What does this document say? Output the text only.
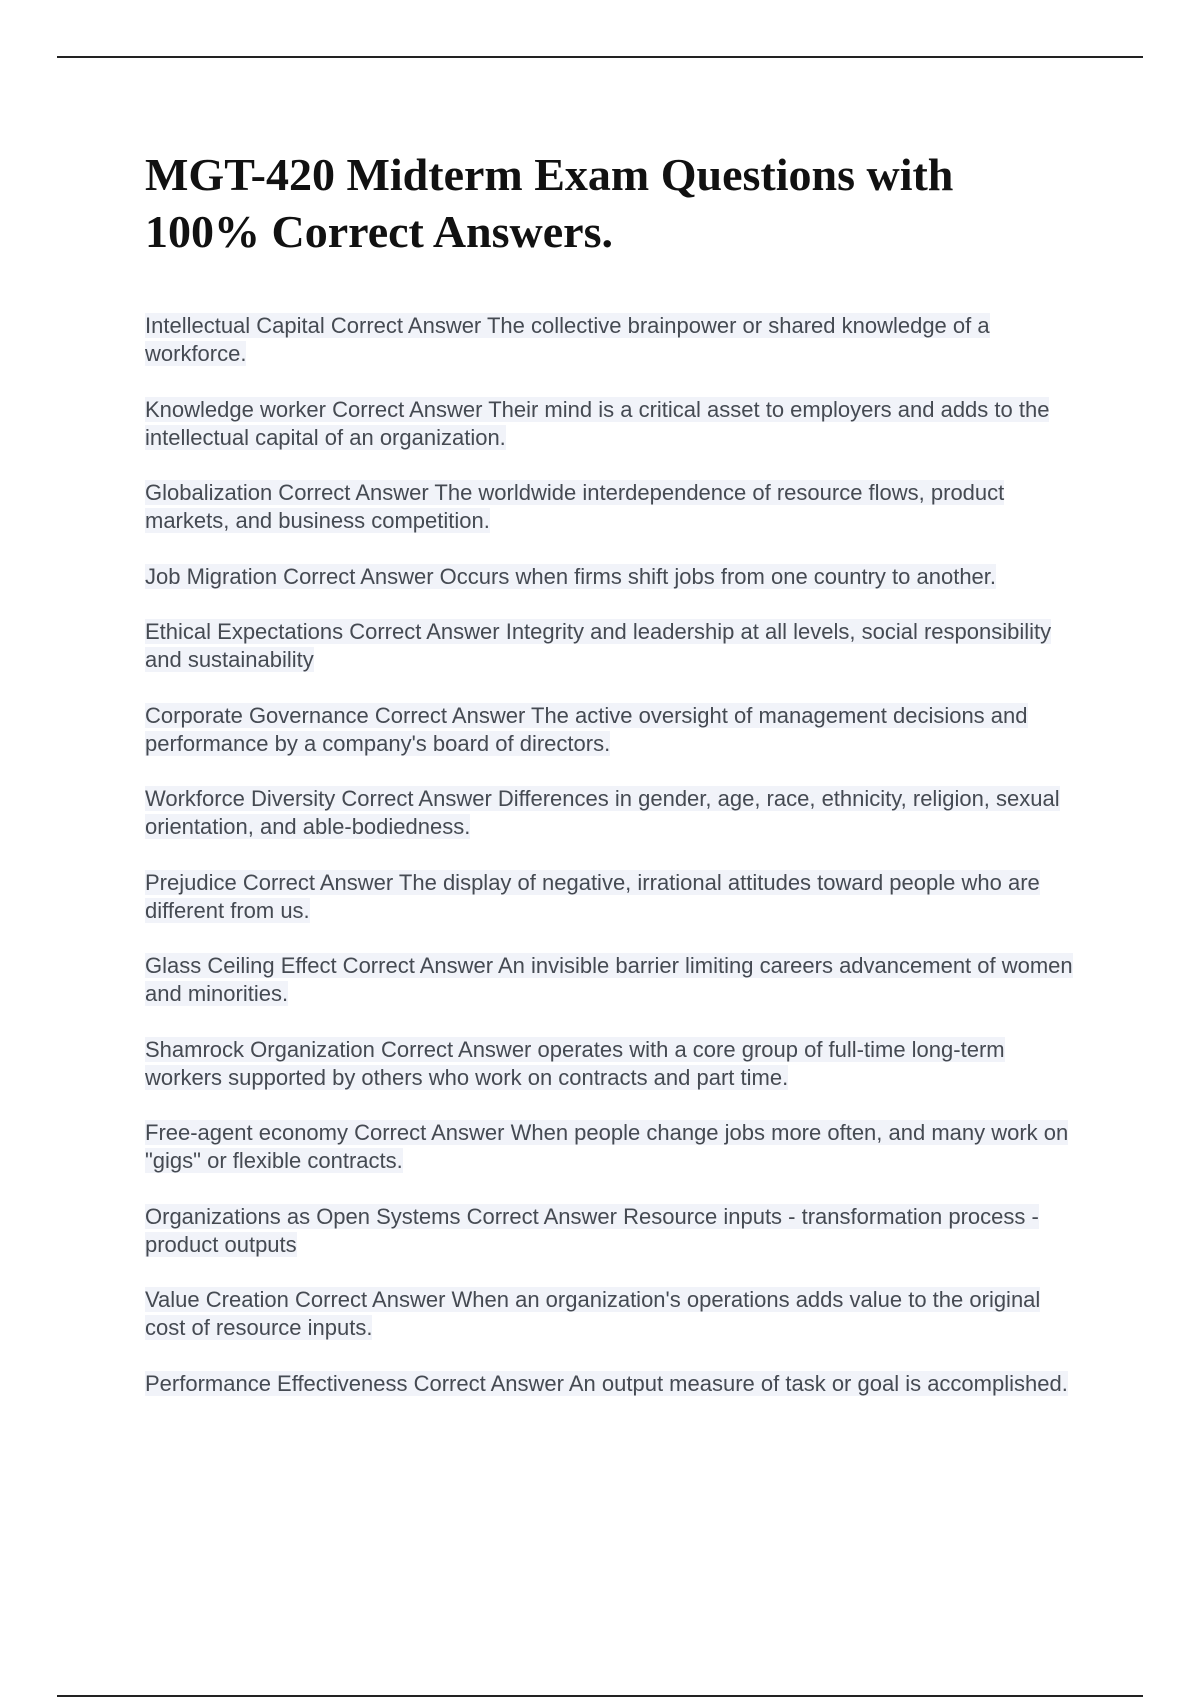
MGT-420 Midterm Exam Questions with
100% Correct Answers.
Intellectual Capital Correct Answer The collective brainpower or shared knowledge of a workforce.
Knowledge worker Correct Answer Their mind is a critical asset to employers and adds to the intellectual capital of an organization.
Globalization Correct Answer The worldwide interdependence of resource flows, product markets, and business competition.
Job Migration Correct Answer Occurs when firms shift jobs from one country to another.
Ethical Expectations Correct Answer Integrity and leadership at all levels, social responsibility and sustainability
Corporate Governance Correct Answer The active oversight of management decisions and performance by a company's board of directors.
Workforce Diversity Correct Answer Differences in gender, age, race, ethnicity, religion, sexual orientation, and able-bodiedness.
Prejudice Correct Answer The display of negative, irrational attitudes toward people who are different from us.
Glass Ceiling Effect Correct Answer An invisible barrier limiting careers advancement of women and minorities.
Shamrock Organization Correct Answer operates with a core group of full-time long-term workers supported by others who work on contracts and part time.
Free-agent economy Correct Answer When people change jobs more often, and many work on "gigs" or flexible contracts.
Organizations as Open Systems Correct Answer Resource inputs - transformation process - product outputs
Value Creation Correct Answer When an organization's operations adds value to the original cost of resource inputs.
Performance Effectiveness Correct Answer An output measure of task or goal is accomplished.
